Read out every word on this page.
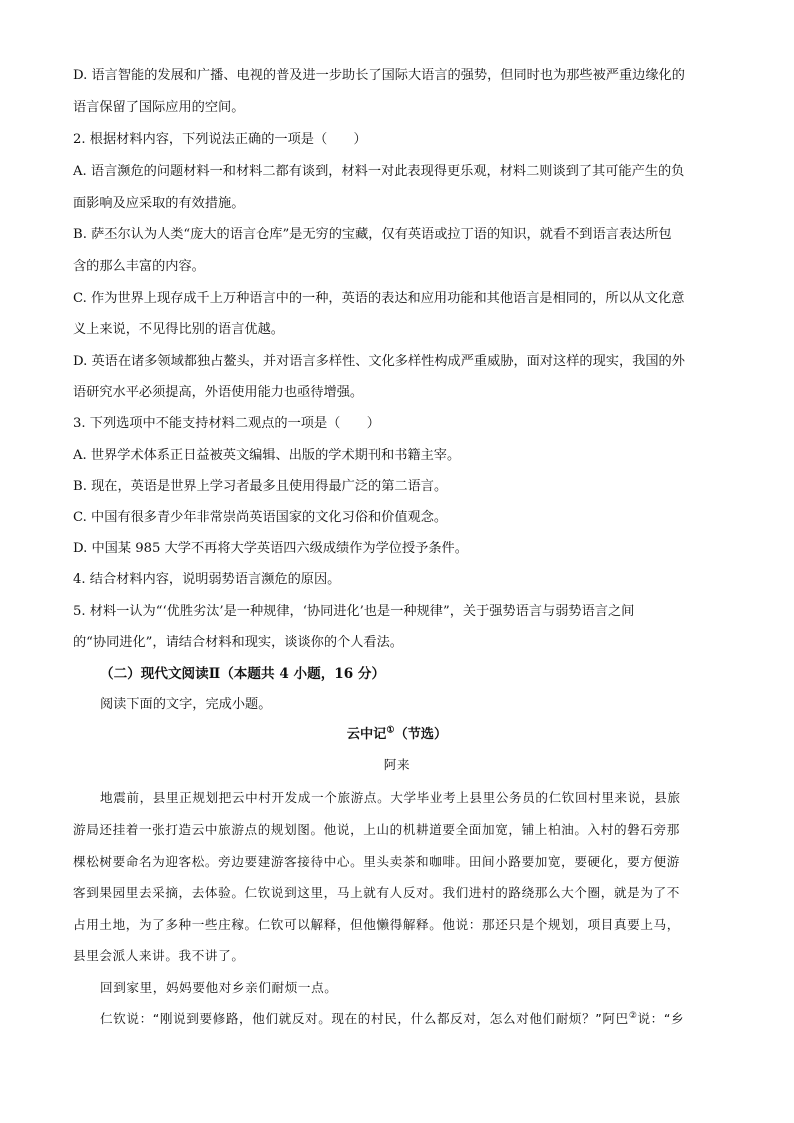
D. 语言智能的发展和广播、电视的普及进一步助长了国际大语言的强势，但同时也为那些被严重边缘化的
语言保留了国际应用的空间。
2. 根据材料内容，下列说法正确的一项是（　　）
A. 语言濒危的问题材料一和材料二都有谈到，材料一对此表现得更乐观，材料二则谈到了其可能产生的负
面影响及应采取的有效措施。
B. 萨丕尔认为人类“庞大的语言仓库”是无穷的宝藏，仅有英语或拉丁语的知识，就看不到语言表达所包
含的那么丰富的内容。
C. 作为世界上现存成千上万种语言中的一种，英语的表达和应用功能和其他语言是相同的，所以从文化意
义上来说，不见得比别的语言优越。
D. 英语在诸多领域都独占鳌头，并对语言多样性、文化多样性构成严重威胁，面对这样的现实，我国的外
语研究水平必须提高，外语使用能力也亟待增强。
3. 下列选项中不能支持材料二观点的一项是（　　）
A. 世界学术体系正日益被英文编辑、出版的学术期刊和书籍主宰。
B. 现在，英语是世界上学习者最多且使用得最广泛的第二语言。
C. 中国有很多青少年非常崇尚英语国家的文化习俗和价值观念。
D. 中国某 985 大学不再将大学英语四六级成绩作为学位授予条件。
4. 结合材料内容，说明弱势语言濒危的原因。
5. 材料一认为“‘优胜劣汰’是一种规律，‘协同进化’也是一种规律”，关于强势语言与弱势语言之间
的“协同进化”，请结合材料和现实，谈谈你的个人看法。
（二）现代文阅读Ⅱ（本题共 4 小题，16 分）
阅读下面的文字，完成小题。
云中记①（节选）
阿来
地震前，县里正规划把云中村开发成一个旅游点。大学毕业考上县里公务员的仁钦回村里来说，县旅
游局还挂着一张打造云中旅游点的规划图。他说，上山的机耕道要全面加宽，铺上柏油。入村的磐石旁那
棵松树要命名为迎客松。旁边要建游客接待中心。里头卖茶和咖啡。田间小路要加宽，要硬化，要方便游
客到果园里去采摘，去体验。仁钦说到这里，马上就有人反对。我们进村的路绕那么大个圈，就是为了不
占用土地，为了多种一些庄稼。仁钦可以解释，但他懒得解释。他说：那还只是个规划，项目真要上马，
县里会派人来讲。我不讲了。
回到家里，妈妈要他对乡亲们耐烦一点。
仁钦说：“刚说到要修路，他们就反对。现在的村民，什么都反对，怎么对他们耐烦？”阿巴②说：“乡
